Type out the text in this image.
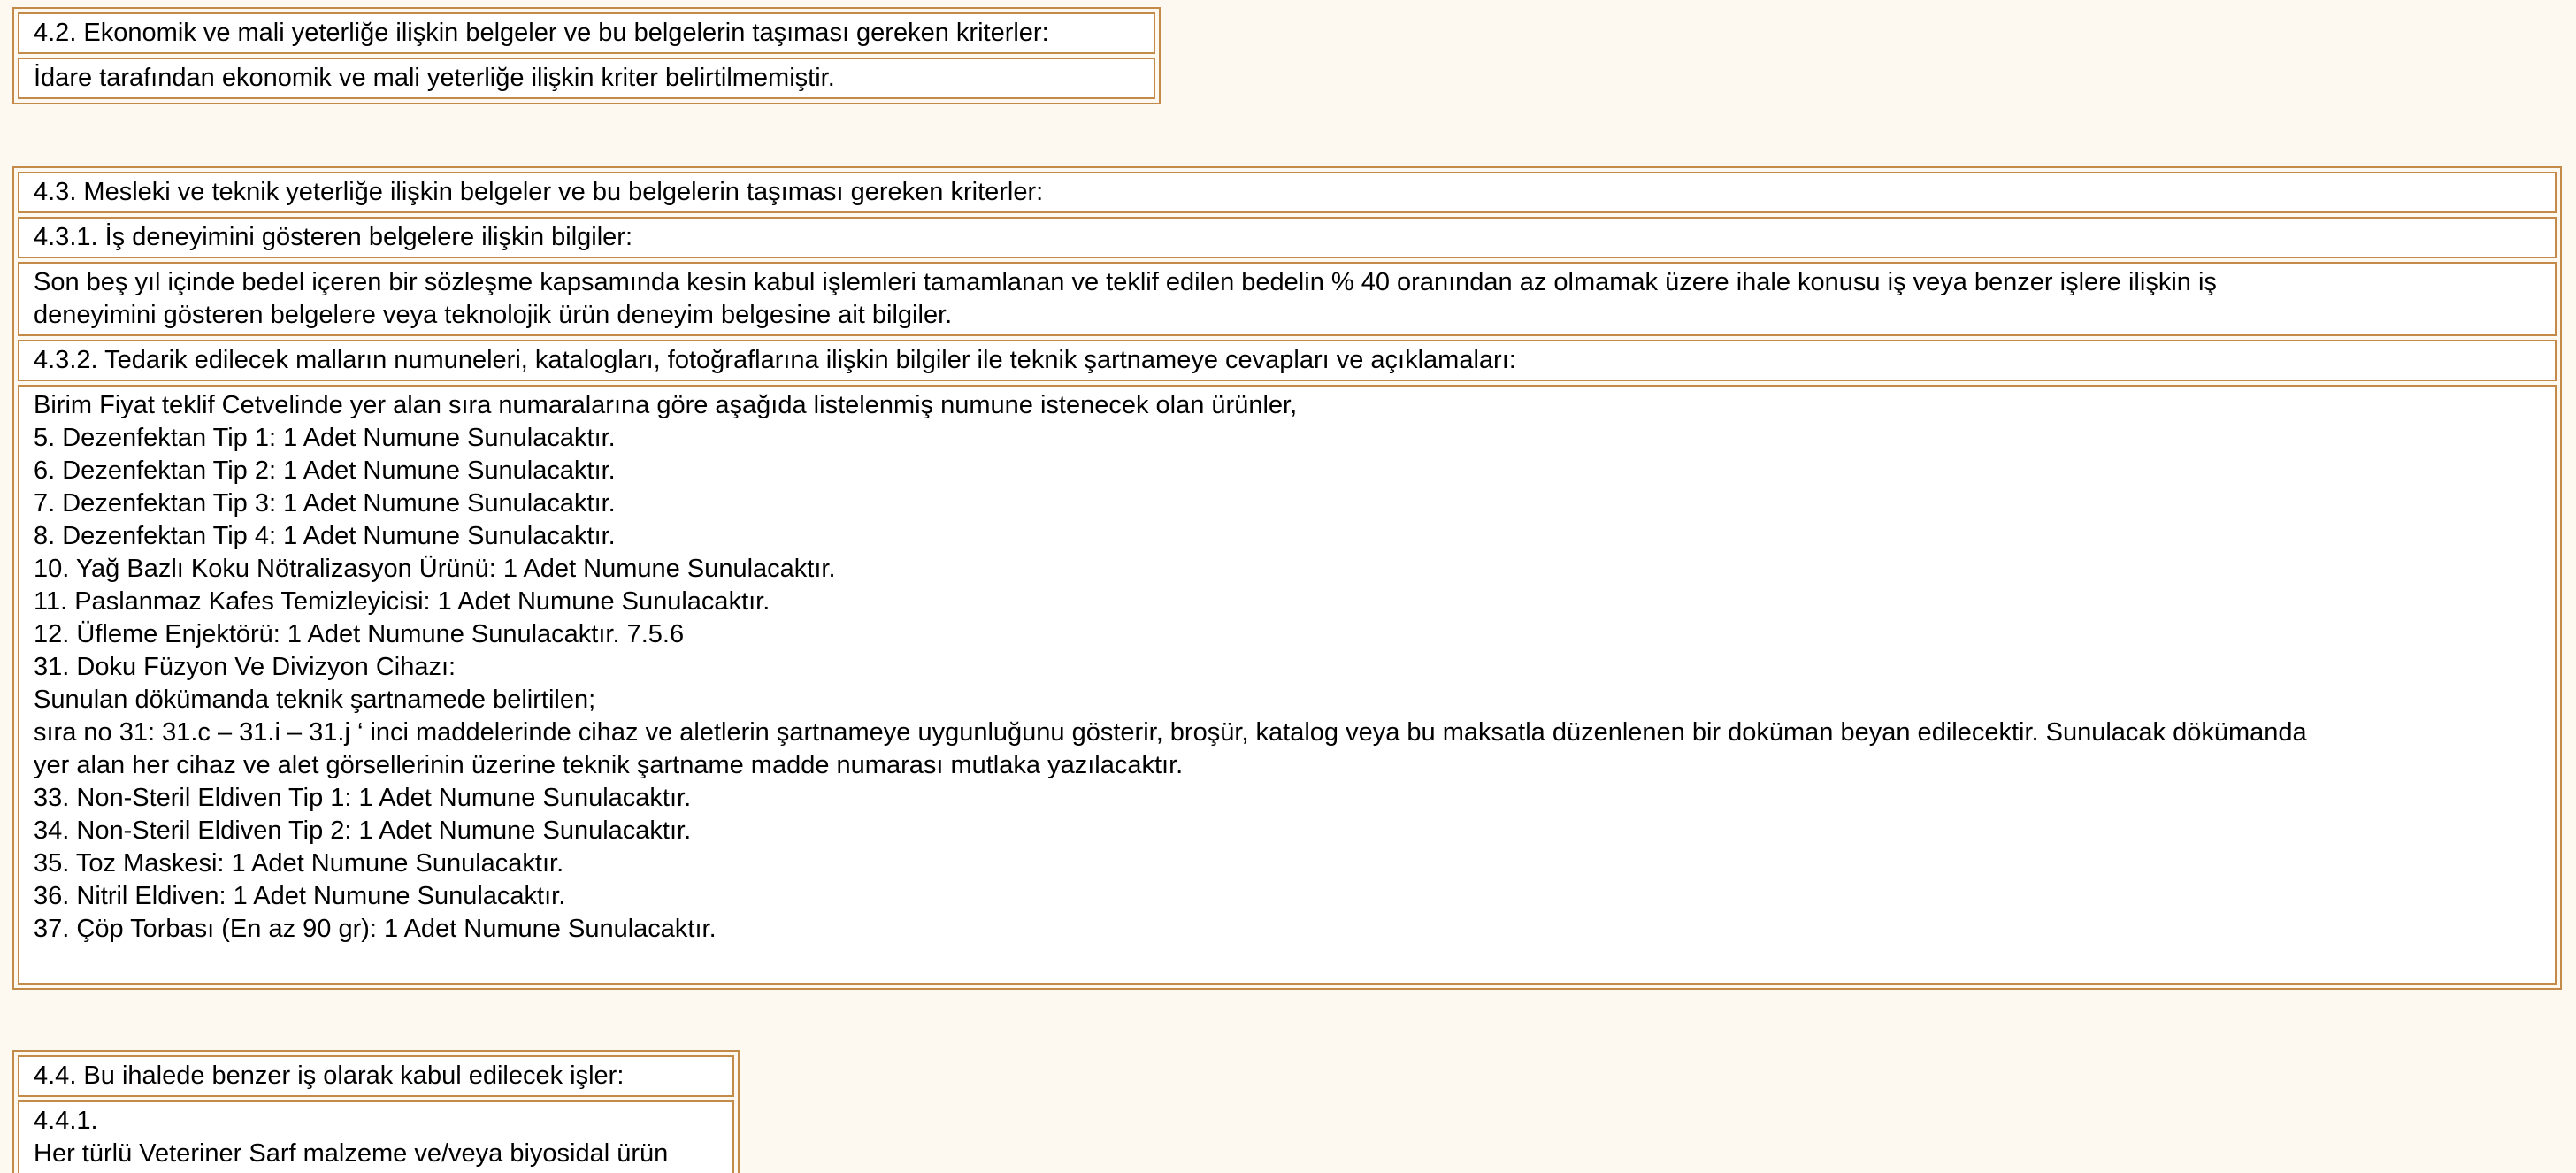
4.2. Ekonomik ve mali yeterliğe ilişkin belgeler ve bu belgelerin taşıması gereken kriterler:
İdare tarafından ekonomik ve mali yeterliğe ilişkin kriter belirtilmemiştir.
4.3. Mesleki ve teknik yeterliğe ilişkin belgeler ve bu belgelerin taşıması gereken kriterler:
4.3.1. İş deneyimini gösteren belgelere ilişkin bilgiler:
Son beş yıl içinde bedel içeren bir sözleşme kapsamında kesin kabul işlemleri tamamlanan ve teklif edilen bedelin % 40 oranından az olmamak üzere ihale konusu iş veya benzer işlere ilişkin iş
deneyimini gösteren belgelere veya teknolojik ürün deneyim belgesine ait bilgiler.
4.3.2. Tedarik edilecek malların numuneleri, katalogları, fotoğraflarına ilişkin bilgiler ile teknik şartnameye cevapları ve açıklamaları:
Birim Fiyat teklif Cetvelinde yer alan sıra numaralarına göre aşağıda listelenmiş numune istenecek olan ürünler,
5. Dezenfektan Tip 1: 1 Adet Numune Sunulacaktır.
6. Dezenfektan Tip 2: 1 Adet Numune Sunulacaktır.
7. Dezenfektan Tip 3: 1 Adet Numune Sunulacaktır.
8. Dezenfektan Tip 4: 1 Adet Numune Sunulacaktır.
10. Yağ Bazlı Koku Nötralizasyon Ürünü: 1 Adet Numune Sunulacaktır.
11. Paslanmaz Kafes Temizleyicisi: 1 Adet Numune Sunulacaktır.
12. Üfleme Enjektörü: 1 Adet Numune Sunulacaktır. 7.5.6
31. Doku Füzyon Ve Divizyon Cihazı:
Sunulan dökümanda teknik şartnamede belirtilen;
sıra no 31: 31.c – 31.i – 31.j ‘ inci maddelerinde cihaz ve aletlerin şartnameye uygunluğunu gösterir, broşür, katalog veya bu maksatla düzenlenen bir doküman beyan edilecektir. Sunulacak dökümanda
yer alan her cihaz ve alet görsellerinin üzerine teknik şartname madde numarası mutlaka yazılacaktır.
33. Non-Steril Eldiven Tip 1: 1 Adet Numune Sunulacaktır.
34. Non-Steril Eldiven Tip 2: 1 Adet Numune Sunulacaktır.
35. Toz Maskesi: 1 Adet Numune Sunulacaktır.
36. Nitril Eldiven: 1 Adet Numune Sunulacaktır.
37. Çöp Torbası (En az 90 gr): 1 Adet Numune Sunulacaktır.
4.4. Bu ihalede benzer iş olarak kabul edilecek işler:
4.4.1.
Her türlü Veteriner Sarf malzeme ve/veya biyosidal ürün
